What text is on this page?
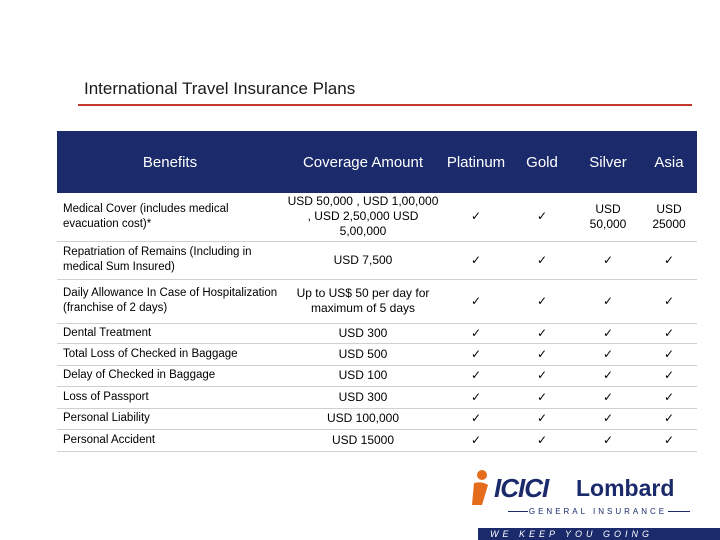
International Travel Insurance Plans
Benefits	Coverage Amount	Platinum	Gold	Silver	Asia
Medical Cover (includes medical evacuation cost)*	USD 50,000 , USD 1,00,000 , USD 2,50,000 USD 5,00,000	✓	✓	USD 50,000	USD 25000
Repatriation of Remains (Including in medical Sum Insured)	USD 7,500	✓	✓	✓	✓
Daily Allowance In Case of Hospitalization (franchise of 2 days)	Up to US$ 50 per day for maximum of 5 days	✓	✓	✓	✓
Dental Treatment	USD 300	✓	✓	✓	✓
Total Loss of Checked in Baggage	USD 500	✓	✓	✓	✓
Delay of Checked in Baggage	USD 100	✓	✓	✓	✓
Loss of Passport	USD 300	✓	✓	✓	✓
Personal Liability	USD 100,000	✓	✓	✓	✓
Personal Accident	USD 15000	✓	✓	✓	✓
ICICI Lombard
GENERAL INSURANCE
WE KEEP YOU GOING
